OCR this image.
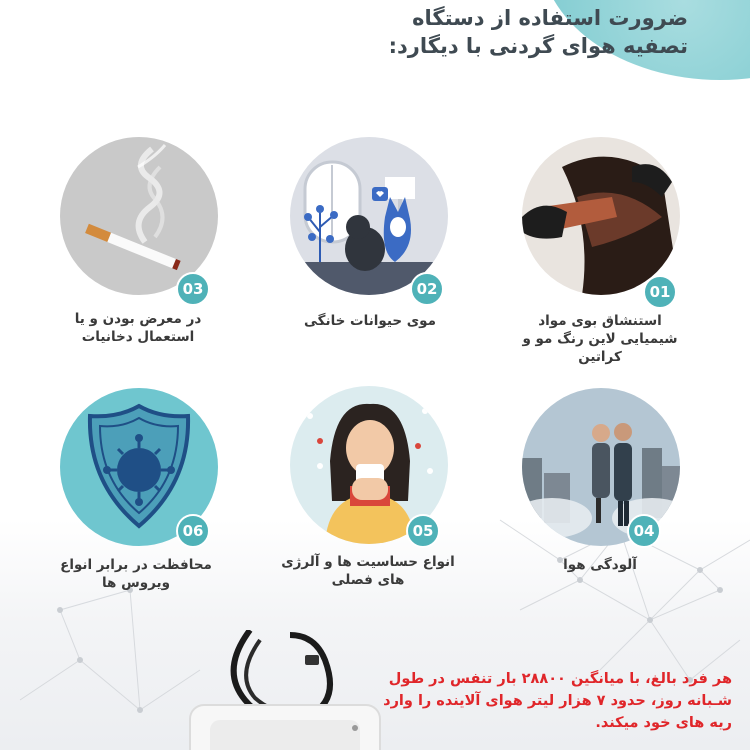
ضرورت استفاده از دستگاه
تصفیه هوای گردنی با دیگارد:
01
استنشاق بوی مواد شیمیایی لاین رنگ مو و کراتین
02
موی حیوانات خانگی
03
در معرض بودن و یا استعمال دخانیات
04
آلودگی هوا
05
انواع حساسیت ها و آلرژی های فصلی
06
محافظت در برابر انواع ویروس ها
هر فرد بالغ، با میانگین ۲۸۸۰۰ بار تنفس در طول شـبانه روز، حدود ۷ هزار لیتر هوای آلاینده را وارد ریه های خود میکند.
